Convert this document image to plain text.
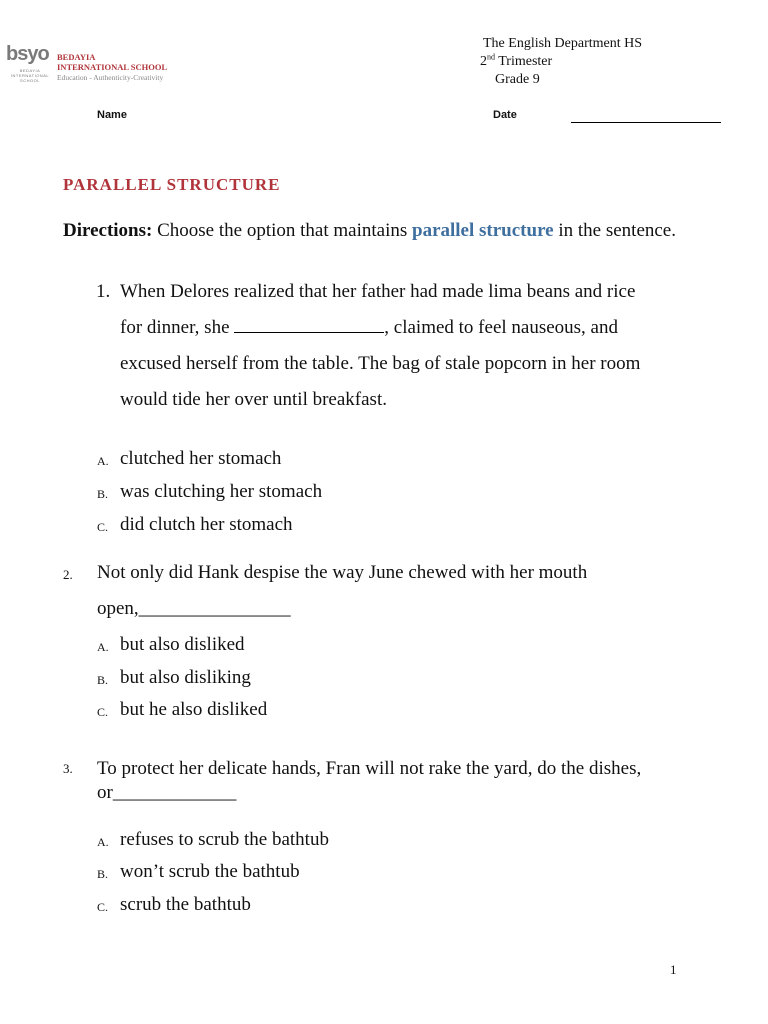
bsyo
BEDAYIA INTERNATIONAL SCHOOL
BEDAYIA
INTERNATIONAL SCHOOL
Education - Authenticity-Creativity
The English Department HS
2nd Trimester
Grade 9
Name	Date
PARALLEL STRUCTURE
Directions: Choose the option that maintains parallel structure in the sentence.
1. When Delores realized that her father had made lima beans and rice
for dinner, she	, claimed to feel nauseous, and
excused herself from the table. The bag of stale popcorn in her room
would tide her over until breakfast.
A. clutched her stomach
B. was clutching her stomach
C. did clutch her stomach
2. Not only did Hank despise the way June chewed with her mouth
open,________________
A. but also disliked
B. but also disliking
C. but he also disliked
3. To protect her delicate hands, Fran will not rake the yard, do the dishes,
or_____________
A. refuses to scrub the bathtub
B. won’t scrub the bathtub
C. scrub the bathtub
1
